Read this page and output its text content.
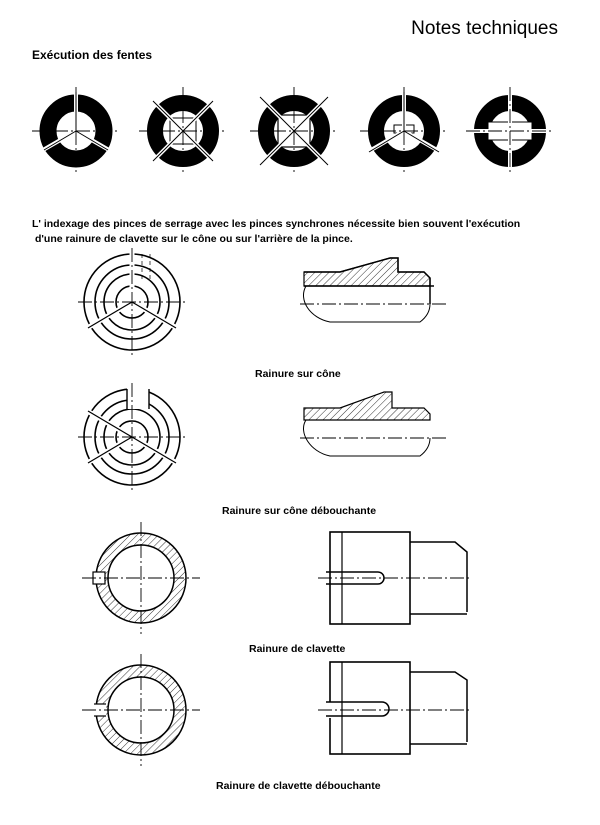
Notes techniques
Exécution des fentes
L' indexage des pinces de serrage avec les pinces synchrones nécessite bien souvent l'exécution
d'une rainure de clavette sur le cône ou sur l'arrière de la pince.
Rainure sur cône
Rainure sur cône débouchante
Rainure de clavette
Rainure de clavette débouchante
